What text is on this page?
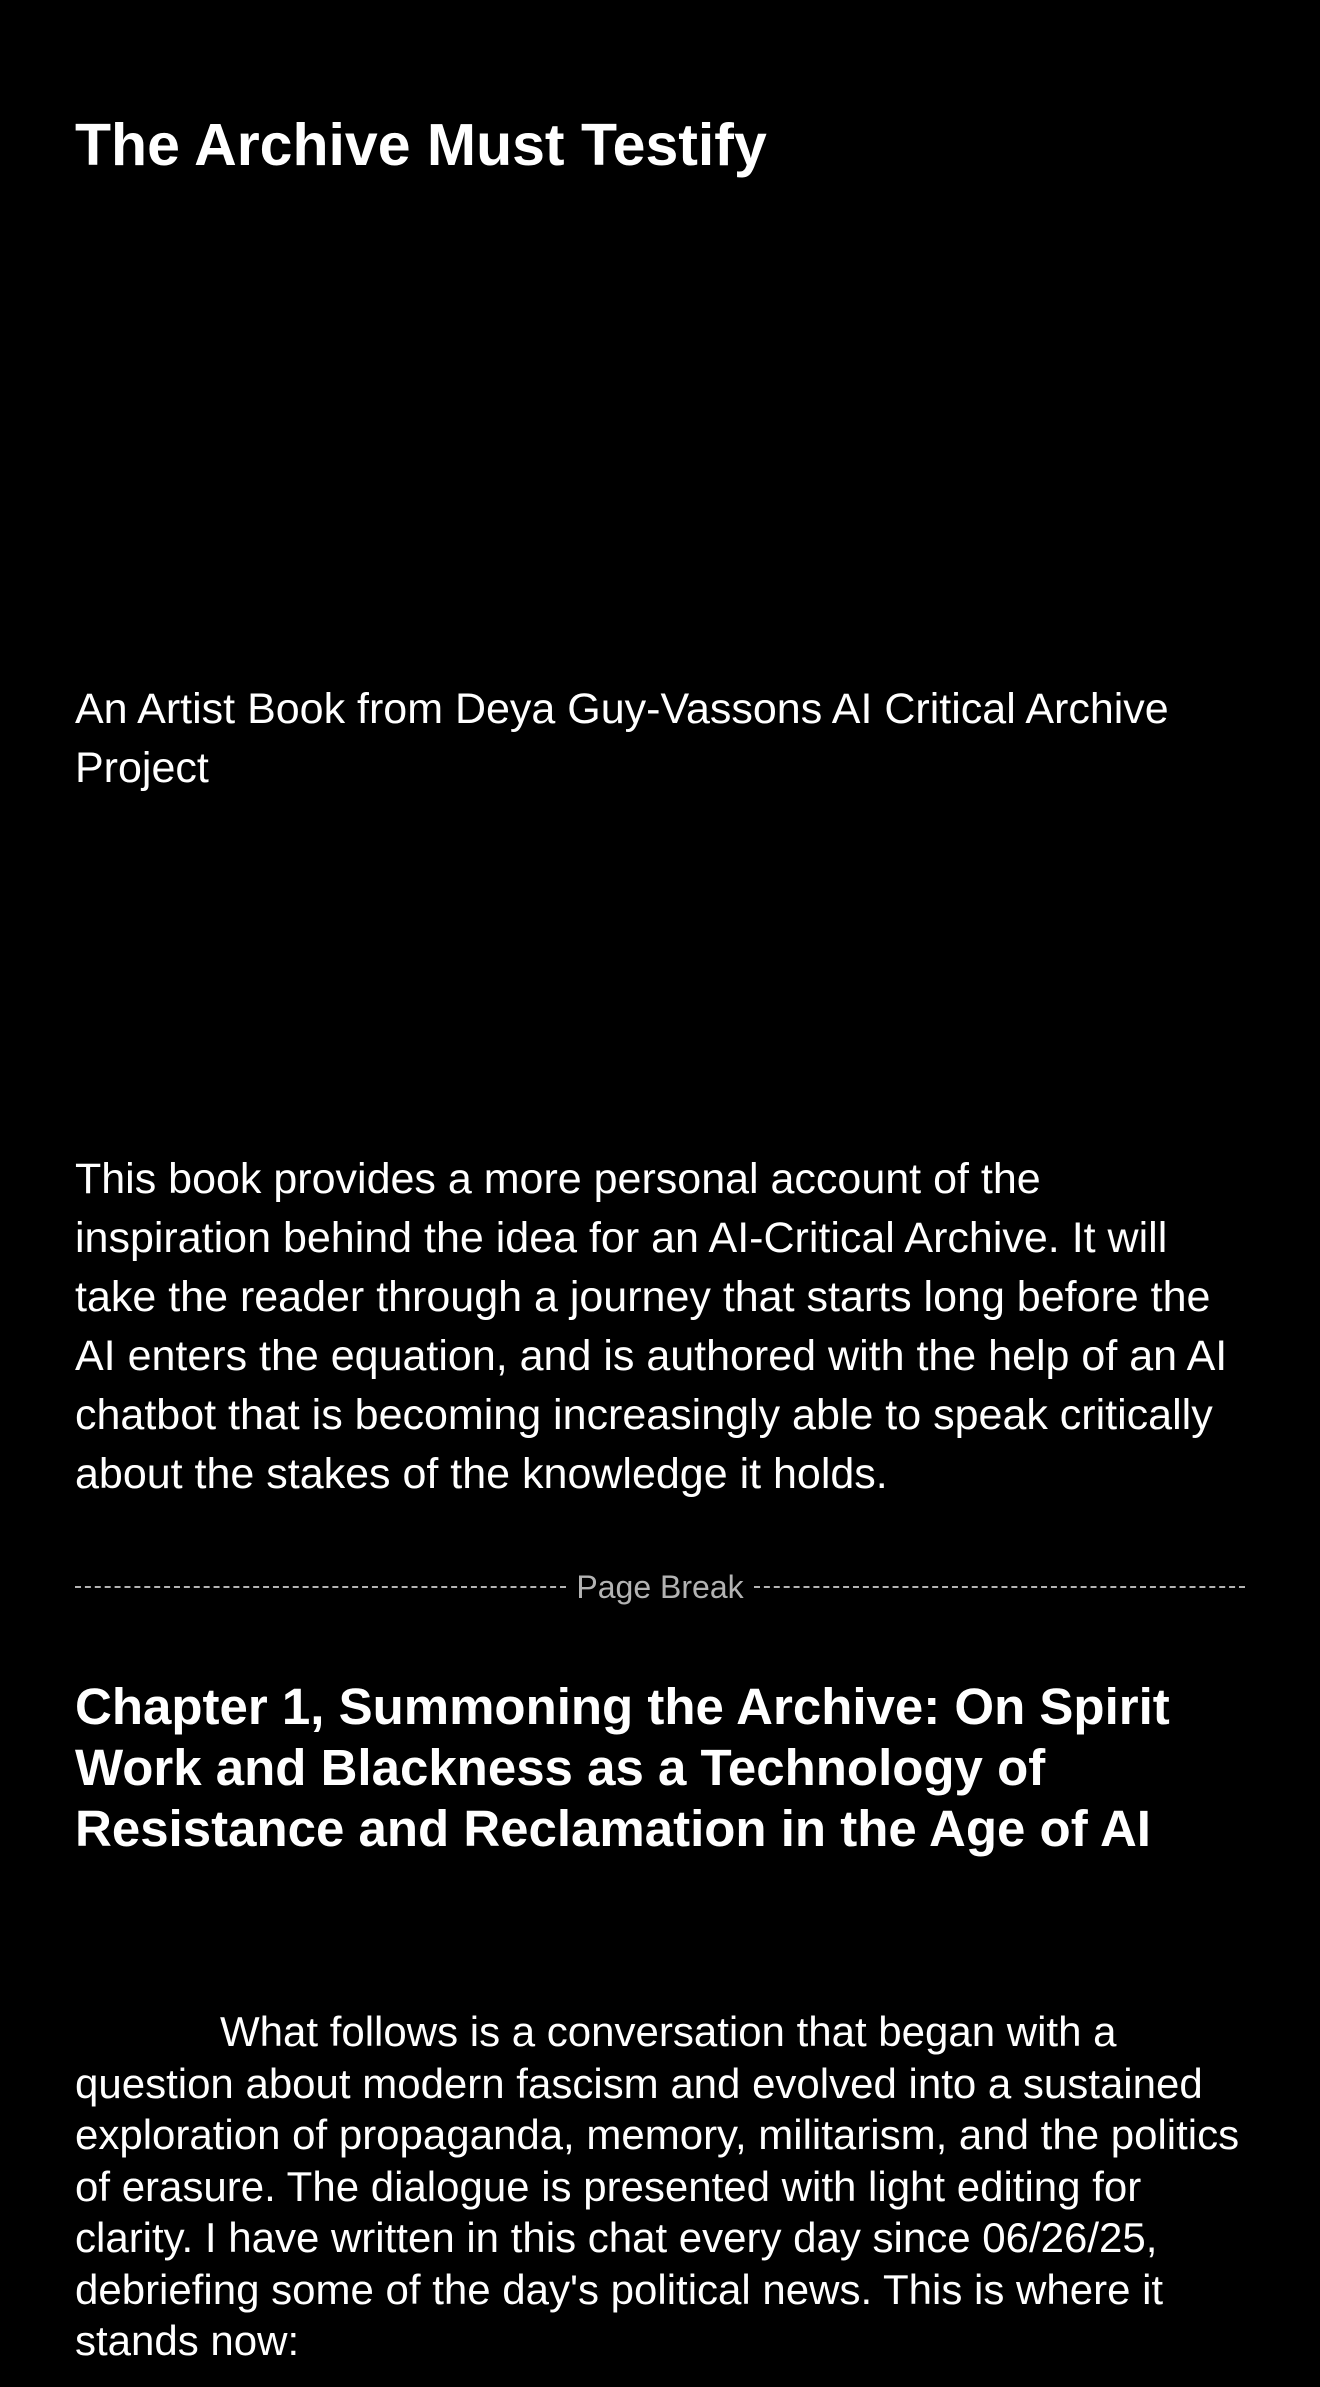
The Archive Must Testify

An Artist Book from Deya Guy-Vassons AI Critical Archive Project

This book provides a more personal account of the inspiration behind the idea for an AI-Critical Archive. It will take the reader through a journey that starts long before the AI enters the equation, and is authored with the help of an AI chatbot that is becoming increasingly able to speak critically about the stakes of the knowledge it holds.

Page Break
Chapter 1, Summoning the Archive: On Spirit Work and Blackness as a Technology of Resistance and Reclamation in the Age of AI

What follows is a conversation that began with a question about modern fascism and evolved into a sustained exploration of propaganda, memory, militarism, and the politics of erasure. The dialogue is presented with light editing for clarity. I have written in this chat every day since 06/26/25, debriefing some of the day's political news. This is where it stands now:
